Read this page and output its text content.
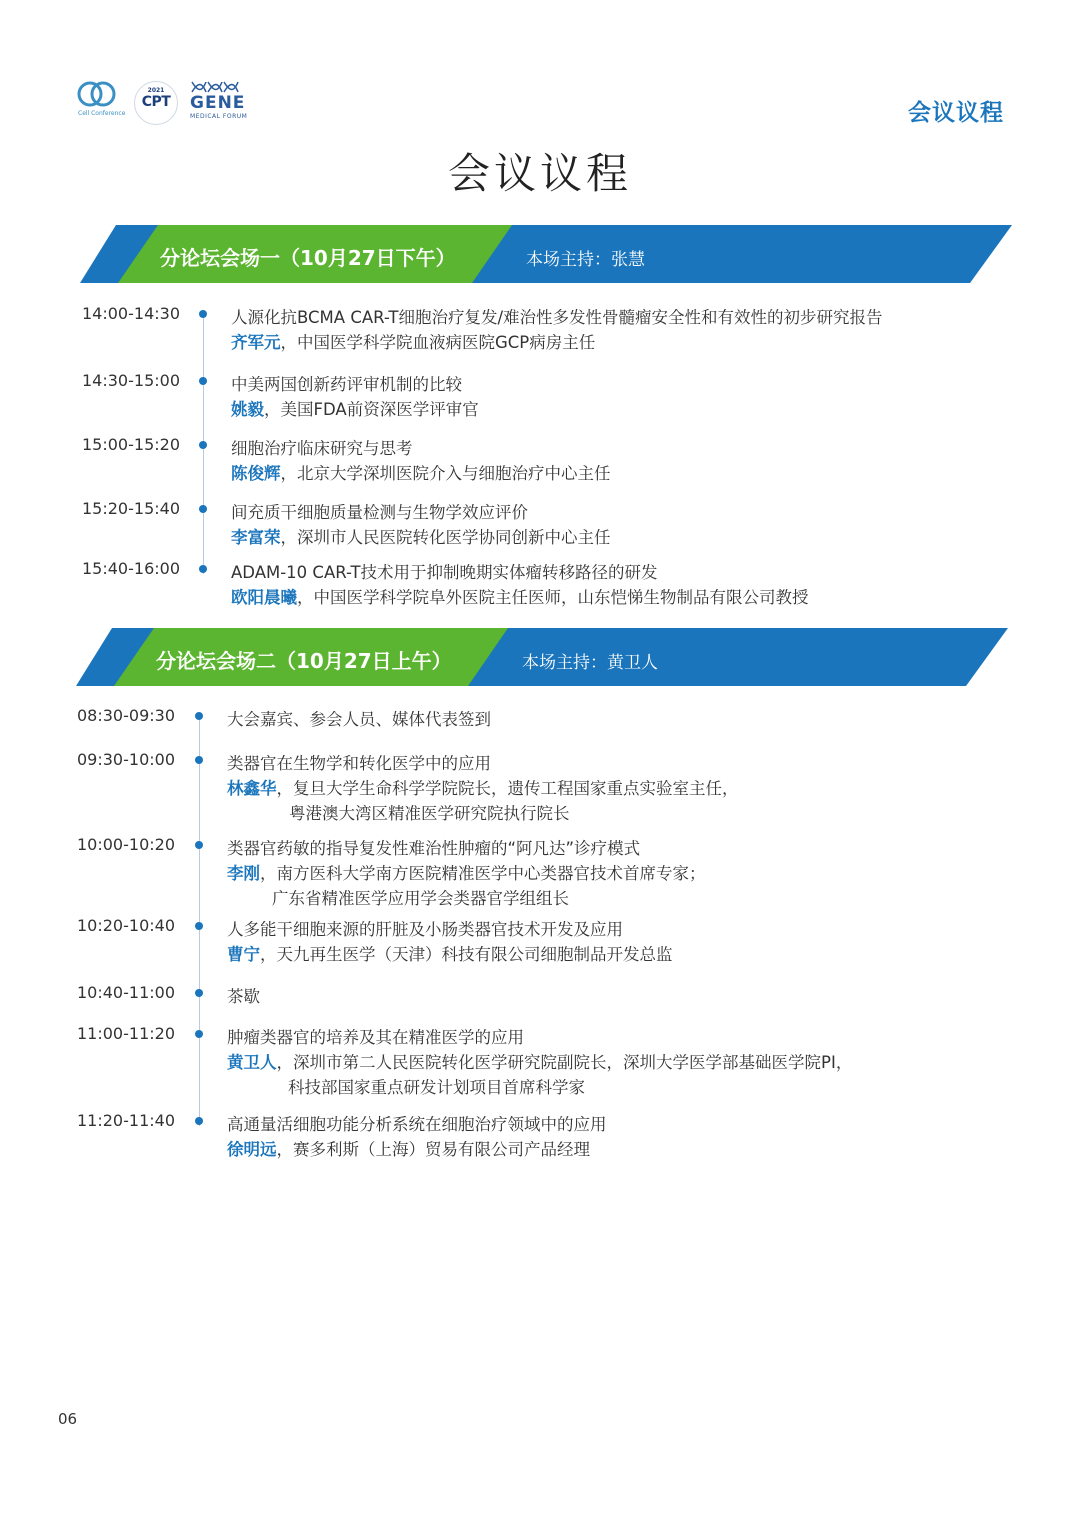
Cell Conference
2021
CPT	GENE
MEDICAL FORUM	会议议程
会议议程
分论坛会场一（10月27日下午）	本场主持：张慧
14:00-14:30	人源化抗BCMA CAR-T细胞治疗复发/难治性多发性骨髓瘤安全性和有效性的初步研究报告
齐军元，中国医学科学院血液病医院GCP病房主任
14:30-15:00	中美两国创新药评审机制的比较
姚毅，美国FDA前资深医学评审官
15:00-15:20	细胞治疗临床研究与思考
陈俊辉，北京大学深圳医院介入与细胞治疗中心主任
15:20-15:40	间充质干细胞质量检测与生物学效应评价
李富荣，深圳市人民医院转化医学协同创新中心主任
15:40-16:00	ADAM-10 CAR-T技术用于抑制晚期实体瘤转移路径的研发
欧阳晨曦，中国医学科学院阜外医院主任医师，山东恺悌生物制品有限公司教授
分论坛会场二（10月27日上午）	本场主持：黄卫人
08:30-09:30	大会嘉宾、参会人员、媒体代表签到
09:30-10:00	类器官在生物学和转化医学中的应用
林鑫华，复旦大学生命科学学院院长，遗传工程国家重点实验室主任，
粤港澳大湾区精准医学研究院执行院长
10:00-10:20	类器官药敏的指导复发性难治性肿瘤的“阿凡达”诊疗模式
李刚，南方医科大学南方医院精准医学中心类器官技术首席专家；
广东省精准医学应用学会类器官学组组长
10:20-10:40	人多能干细胞来源的肝脏及小肠类器官技术开发及应用
曹宁，天九再生医学（天津）科技有限公司细胞制品开发总监
10:40-11:00	茶歇
11:00-11:20	肿瘤类器官的培养及其在精准医学的应用
黄卫人，深圳市第二人民医院转化医学研究院副院长，深圳大学医学部基础医学院PI，
科技部国家重点研发计划项目首席科学家
11:20-11:40	高通量活细胞功能分析系统在细胞治疗领域中的应用
徐明远，赛多利斯（上海）贸易有限公司产品经理
06
